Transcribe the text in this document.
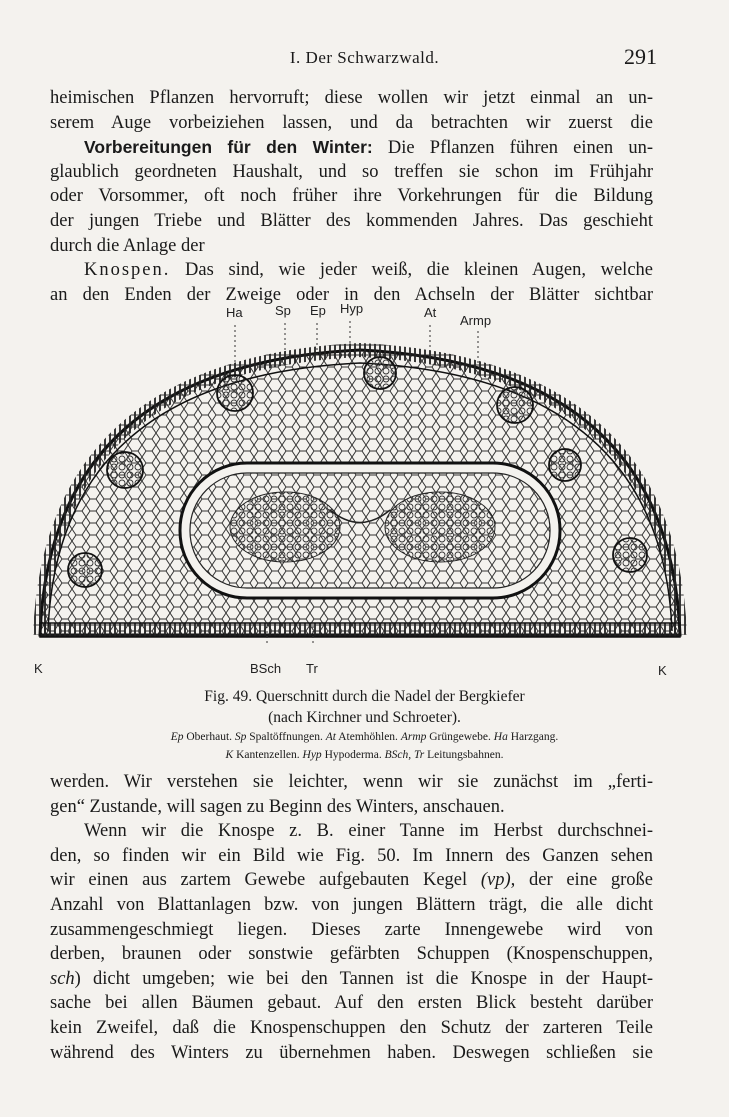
I. Der Schwarzwald.	291
heimischen Pflanzen hervorruft; diese wollen wir jetzt einmal an un-
serem Auge vorbeiziehen lassen, und da betrachten wir zuerst die
Vorbereitungen für den Winter: Die Pflanzen führen einen un-
glaublich geordneten Haushalt, und so treffen sie schon im Frühjahr
oder Vorsommer, oft noch früher ihre Vorkehrungen für die Bildung
der jungen Triebe und Blätter des kommenden Jahres. Das geschieht
durch die Anlage der
Knospen. Das sind, wie jeder weiß, die kleinen Augen, welche
an den Enden der Zweige oder in den Achseln der Blätter sichtbar
Ha Sp Ep Hyp	At
Armp
K	BSch Tr	K
Fig. 49. Querschnitt durch die Nadel der Bergkiefer
(nach Kirchner und Schroeter).
Ep Oberhaut. Sp Spaltöffnungen. At Atemhöhlen. Armp Grüngewebe. Ha Harzgang.
K Kantenzellen. Hyp Hypoderma. BSch, Tr Leitungsbahnen.
werden. Wir verstehen sie leichter, wenn wir sie zunächst im „ferti-
gen“ Zustande, will sagen zu Beginn des Winters, anschauen.
Wenn wir die Knospe z. B. einer Tanne im Herbst durchschnei-
den, so finden wir ein Bild wie Fig. 50. Im Innern des Ganzen sehen
wir einen aus zartem Gewebe aufgebauten Kegel (vp), der eine große
Anzahl von Blattanlagen bzw. von jungen Blättern trägt, die alle dicht
zusammengeschmiegt liegen. Dieses zarte Innengewebe wird von
derben, braunen oder sonstwie gefärbten Schuppen (Knospenschuppen,
sch) dicht umgeben; wie bei den Tannen ist die Knospe in der Haupt-
sache bei allen Bäumen gebaut. Auf den ersten Blick besteht darüber
kein Zweifel, daß die Knospenschuppen den Schutz der zarteren Teile
während des Winters zu übernehmen haben. Deswegen schließen sie
